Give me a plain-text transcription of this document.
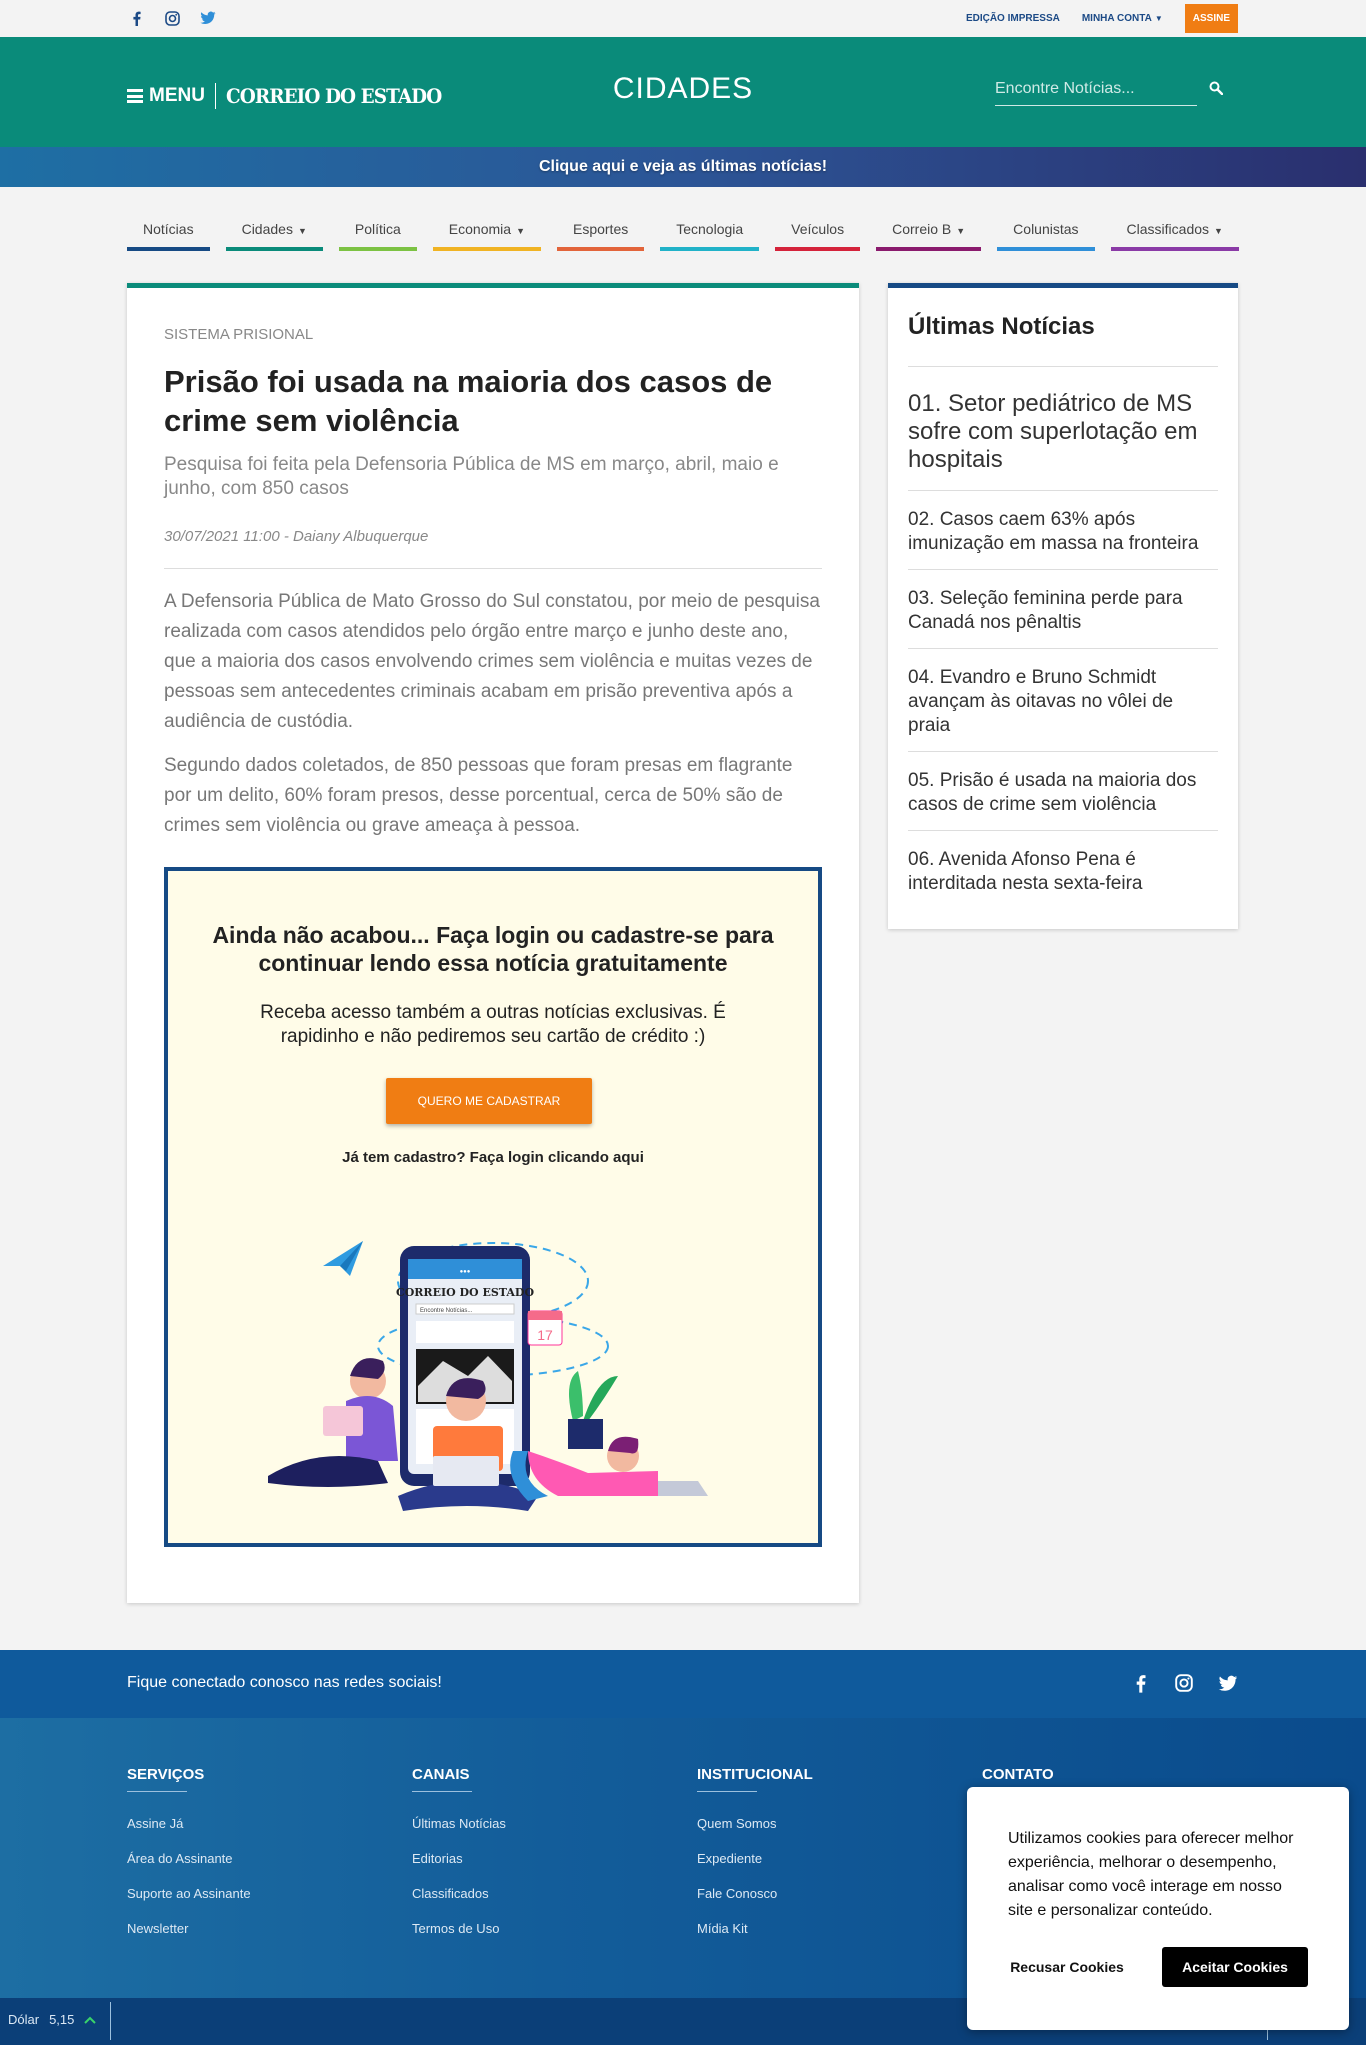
EDIÇÃO IMPRESSA MINHA CONTA ▼	ASSINE
MENU CORREIO DO ESTADO	CIDADES	Encontre Notícias...
Clique aqui e veja as últimas notícias!
Notícias	Cidades ▼	Política	Economia ▼	Esportes	Tecnologia	Veículos	Correio B ▼	Colunistas	Classificados ▼
SISTEMA PRISIONAL
Prisão foi usada na maioria dos casos de crime sem violência
Pesquisa foi feita pela Defensoria Pública de MS em março, abril, maio e junho, com 850 casos
30/07/2021 11:00 - Daiany Albuquerque

A Defensoria Pública de Mato Grosso do Sul constatou, por meio de pesquisa realizada com casos atendidos pelo órgão entre março e junho deste ano, que a maioria dos casos envolvendo crimes sem violência e muitas vezes de pessoas sem antecedentes criminais acabam em prisão preventiva após a audiência de custódia.

Segundo dados coletados, de 850 pessoas que foram presas em flagrante por um delito, 60% foram presos, desse porcentual, cerca de 50% são de crimes sem violência ou grave ameaça à pessoa.

Ainda não acabou... Faça login ou cadastre-se para continuar lendo essa notícia gratuitamente
Receba acesso também a outras notícias exclusivas. É rapidinho e não pediremos seu cartão de crédito :)
QUERO ME CADASTRAR
Já tem cadastro? Faça login clicando aqui
●●●
CORREIO DO ESTADO
Encontre Notícias...
17
Últimas Notícias
01. Setor pediátrico de MS sofre com superlotação em hospitais
02. Casos caem 63% após imunização em massa na fronteira
03. Seleção feminina perde para Canadá nos pênaltis
04. Evandro e Bruno Schmidt avançam às oitavas no vôlei de praia
05. Prisão é usada na maioria dos casos de crime sem violência
06. Avenida Afonso Pena é interditada nesta sexta-feira
Fique conectado conosco nas redes sociais!
SERVIÇOS
Assine Já
Área do Assinante
Suporte ao Assinante
Newsletter
CANAIS
Últimas Notícias
Editorias
Classificados
Termos de Uso
INSTITUCIONAL
Quem Somos
Expediente
Fale Conosco
Mídia Kit
CONTATO
Dólar 5,15

Utilizamos cookies para oferecer melhor experiência, melhorar o desempenho, analisar como você interage em nosso site e personalizar conteúdo.

Recusar Cookies	Aceitar Cookies
